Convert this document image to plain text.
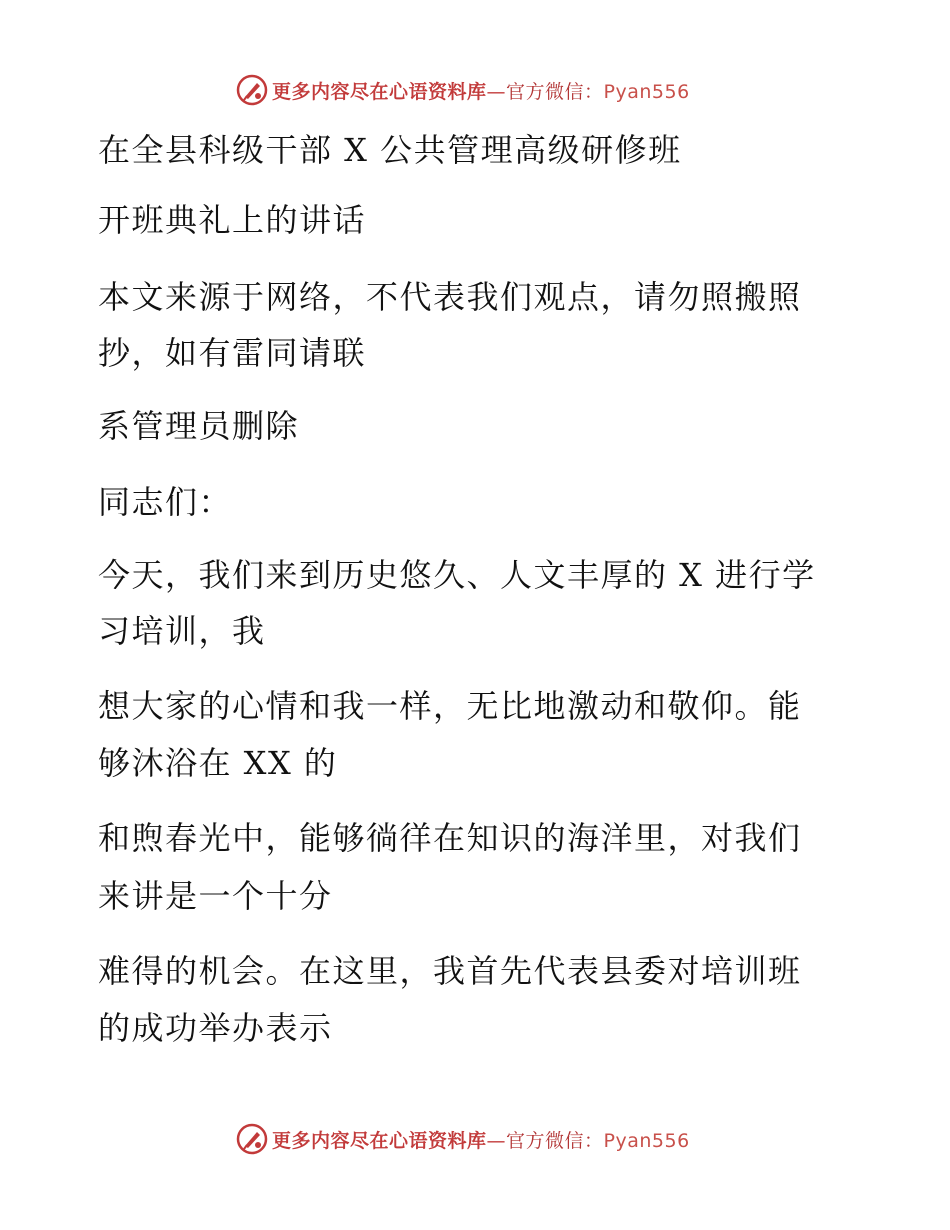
更多内容尽在心语资料库—官方微信：Pyan556
在全县科级干部 X 公共管理高级研修班
开班典礼上的讲话
本文来源于网络，不代表我们观点，请勿照搬照
抄，如有雷同请联
系管理员删除
同志们：
今天，我们来到历史悠久、人文丰厚的 X 进行学
习培训，我
想大家的心情和我一样，无比地激动和敬仰。能
够沐浴在 XX 的
和煦春光中，能够徜徉在知识的海洋里，对我们
来讲是一个十分
难得的机会。在这里，我首先代表县委对培训班
的成功举办表示
更多内容尽在心语资料库—官方微信：Pyan556
